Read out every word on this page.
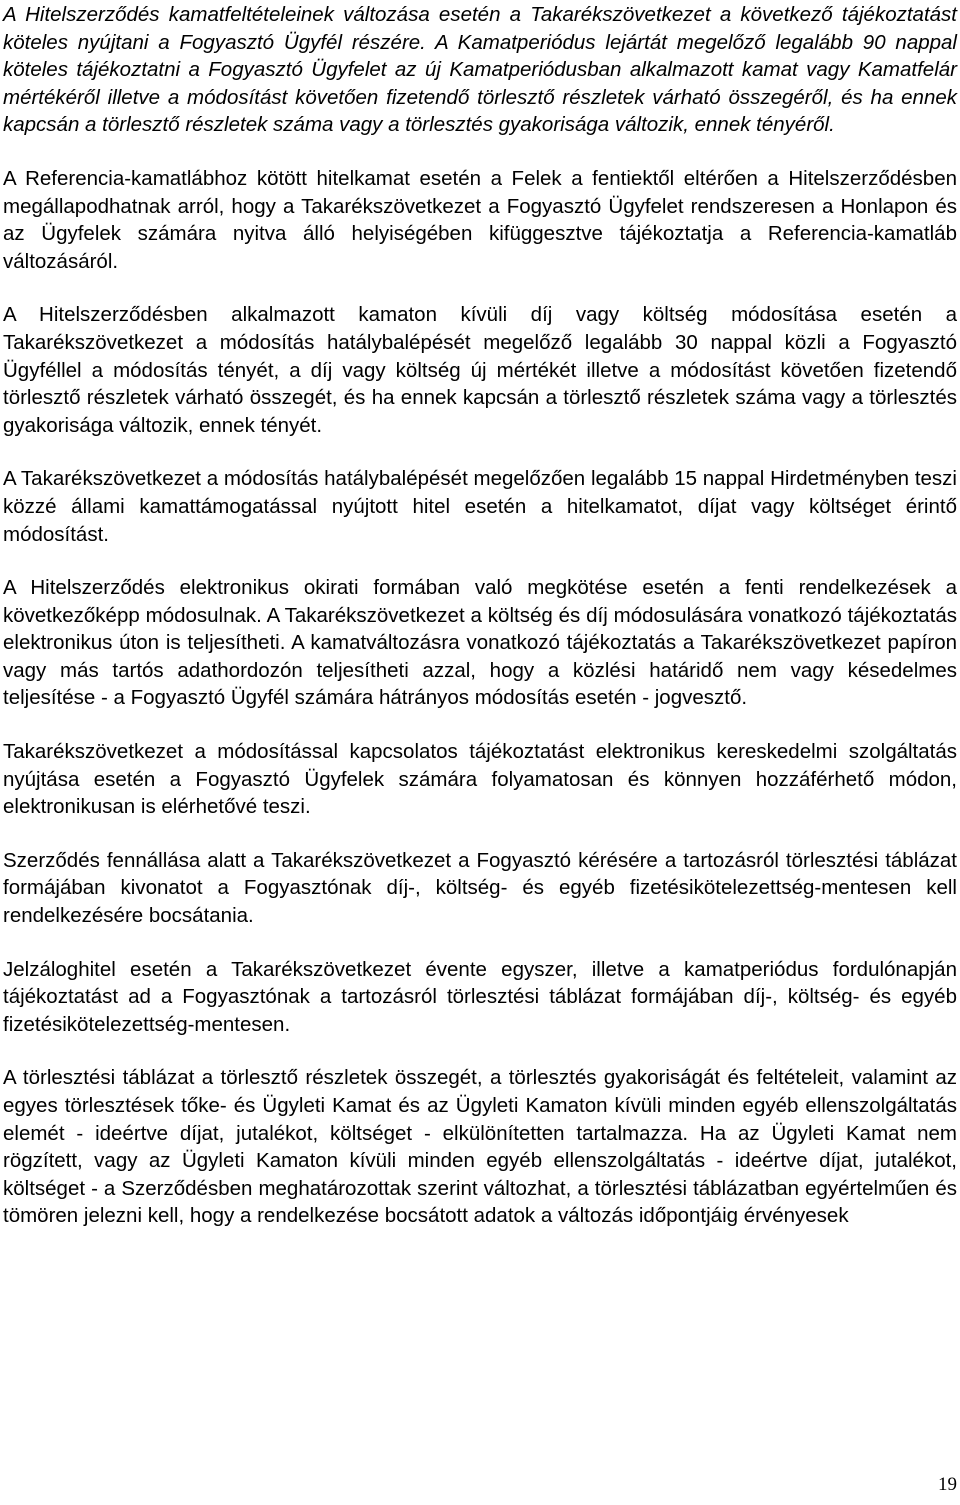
A Hitelszerződés kamatfeltételeinek változása esetén a Takarékszövetkezet a következő tájékoztatást köteles nyújtani a Fogyasztó Ügyfél részére. A Kamatperiódus lejártát megelőző legalább 90 nappal köteles tájékoztatni a Fogyasztó Ügyfelet az új Kamatperiódusban alkalmazott kamat vagy Kamatfelár mértékéről illetve a módosítást követően fizetendő törlesztő részletek várható összegéről, és ha ennek kapcsán a törlesztő részletek száma vagy a törlesztés gyakorisága változik, ennek tényéről.

A Referencia-kamatlábhoz kötött hitelkamat esetén a Felek a fentiektől eltérően a Hitelszerződésben megállapodhatnak arról, hogy a Takarékszövetkezet a Fogyasztó Ügyfelet rendszeresen a Honlapon és az Ügyfelek számára nyitva álló helyiségében kifüggesztve tájékoztatja a Referencia-kamatláb változásáról.

A Hitelszerződésben alkalmazott kamaton kívüli díj vagy költség módosítása esetén a Takarékszövetkezet a módosítás hatálybalépését megelőző legalább 30 nappal közli a Fogyasztó Ügyféllel a módosítás tényét, a díj vagy költség új mértékét illetve a módosítást követően fizetendő törlesztő részletek várható összegét, és ha ennek kapcsán a törlesztő részletek száma vagy a törlesztés gyakorisága változik, ennek tényét.

A Takarékszövetkezet a módosítás hatálybalépését megelőzően legalább 15 nappal Hirdetményben teszi közzé állami kamattámogatással nyújtott hitel esetén a hitelkamatot, díjat vagy költséget érintő módosítást.

A Hitelszerződés elektronikus okirati formában való megkötése esetén a fenti rendelkezések a következőképp módosulnak. A Takarékszövetkezet a költség és díj módosulására vonatkozó tájékoztatás elektronikus úton is teljesítheti. A kamatváltozásra vonatkozó tájékoztatás a Takarékszövetkezet papíron vagy más tartós adathordozón teljesítheti azzal, hogy a közlési határidő nem vagy késedelmes teljesítése - a Fogyasztó Ügyfél számára hátrányos módosítás esetén - jogvesztő.

Takarékszövetkezet a módosítással kapcsolatos tájékoztatást elektronikus kereskedelmi szolgáltatás nyújtása esetén a Fogyasztó Ügyfelek számára folyamatosan és könnyen hozzáférhető módon, elektronikusan is elérhetővé teszi.

Szerződés fennállása alatt a Takarékszövetkezet a Fogyasztó kérésére a tartozásról törlesztési táblázat formájában kivonatot a Fogyasztónak díj-, költség- és egyéb fizetésikötelezettség-mentesen kell rendelkezésére bocsátania.

Jelzáloghitel esetén a Takarékszövetkezet évente egyszer, illetve a kamatperiódus fordulónapján tájékoztatást ad a Fogyasztónak a tartozásról törlesztési táblázat formájában díj-, költség- és egyéb fizetésikötelezettség-mentesen.

A törlesztési táblázat a törlesztő részletek összegét, a törlesztés gyakoriságát és feltételeit, valamint az egyes törlesztések tőke- és Ügyleti Kamat és az Ügyleti Kamaton kívüli minden egyéb ellenszolgáltatás elemét - ideértve díjat, jutalékot, költséget - elkülönítetten tartalmazza. Ha az Ügyleti Kamat nem rögzített, vagy az Ügyleti Kamaton kívüli minden egyéb ellenszolgáltatás - ideértve díjat, jutalékot, költséget - a Szerződésben meghatározottak szerint változhat, a törlesztési táblázatban egyértelműen és tömören jelezni kell, hogy a rendelkezése bocsátott adatok a változás időpontjáig érvényesek

19
